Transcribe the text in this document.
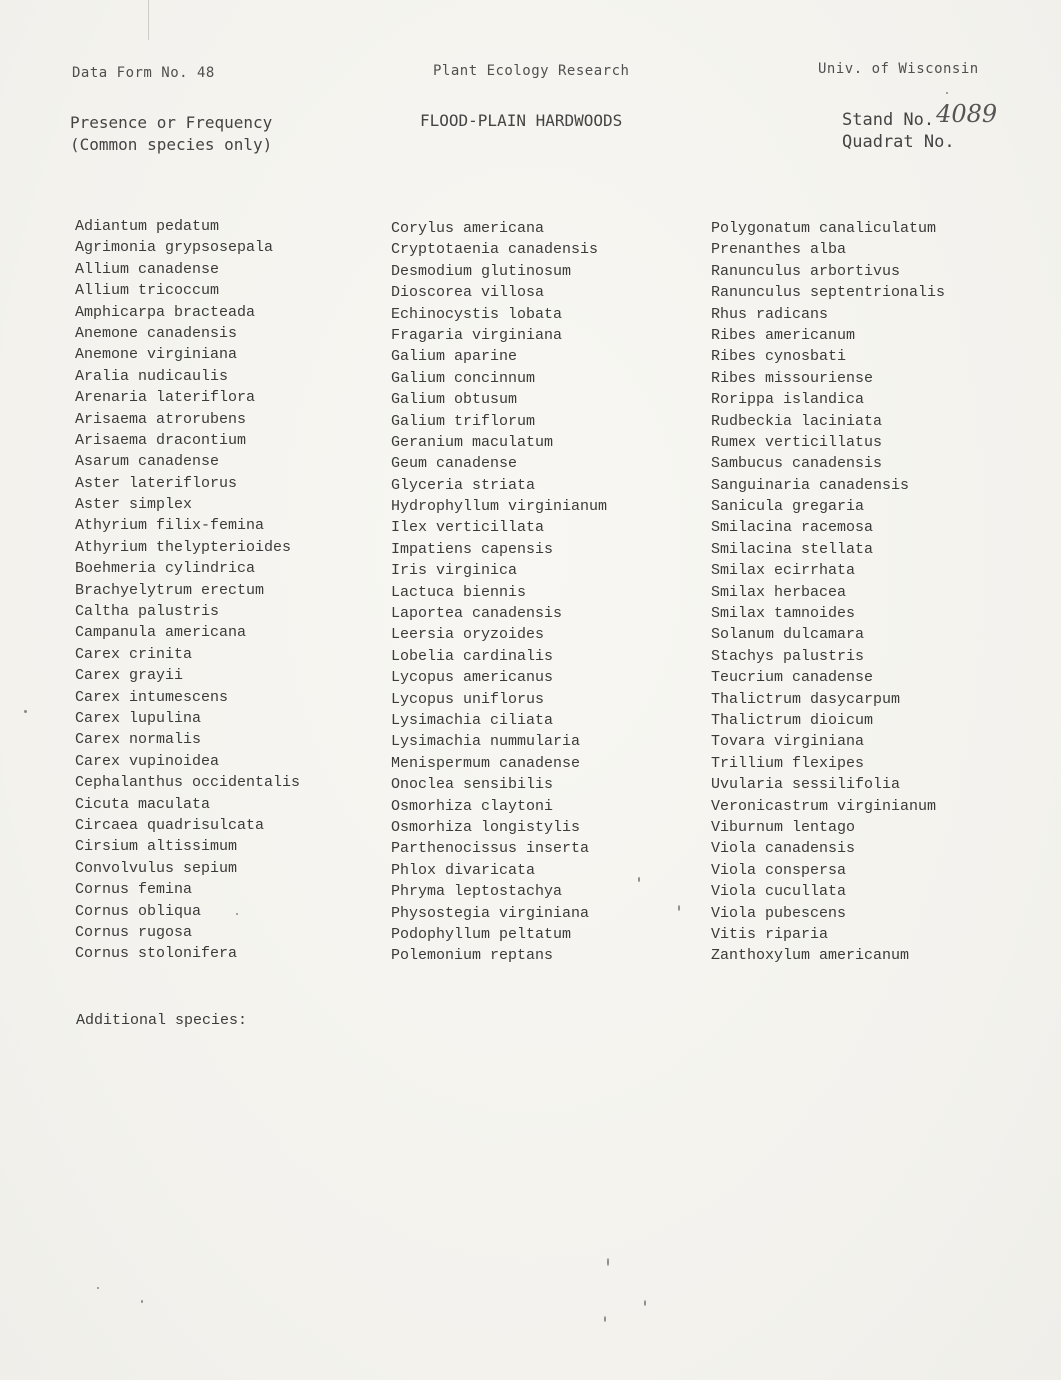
Data Form No. 48	Plant Ecology Research	Univ. of Wisconsin
Presence or Frequency
(Common species only)
FLOOD-PLAIN HARDWOODS	Stand No.4089
Quadrat No.
Adiantum pedatum
Agrimonia grypsosepala
Allium canadense
Allium tricoccum
Amphicarpa bracteada
Anemone canadensis
Anemone virginiana
Aralia nudicaulis
Arenaria lateriflora
Arisaema atrorubens
Arisaema dracontium
Asarum canadense
Aster lateriflorus
Aster simplex
Athyrium filix-femina
Athyrium thelypterioides
Boehmeria cylindrica
Brachyelytrum erectum
Caltha palustris
Campanula americana
Carex crinita
Carex grayii
Carex intumescens
Carex lupulina
Carex normalis
Carex vupinoidea
Cephalanthus occidentalis
Cicuta maculata
Circaea quadrisulcata
Cirsium altissimum
Convolvulus sepium
Cornus femina
Cornus obliqua
Cornus rugosa
Cornus stolonifera
Corylus americana
Cryptotaenia canadensis
Desmodium glutinosum
Dioscorea villosa
Echinocystis lobata
Fragaria virginiana
Galium aparine
Galium concinnum
Galium obtusum
Galium triflorum
Geranium maculatum
Geum canadense
Glyceria striata
Hydrophyllum virginianum
Ilex verticillata
Impatiens capensis
Iris virginica
Lactuca biennis
Laportea canadensis
Leersia oryzoides
Lobelia cardinalis
Lycopus americanus
Lycopus uniflorus
Lysimachia ciliata
Lysimachia nummularia
Menispermum canadense
Onoclea sensibilis
Osmorhiza claytoni
Osmorhiza longistylis
Parthenocissus inserta
Phlox divaricata
Phryma leptostachya
Physostegia virginiana
Podophyllum peltatum
Polemonium reptans
Polygonatum canaliculatum
Prenanthes alba
Ranunculus arbortivus
Ranunculus septentrionalis
Rhus radicans
Ribes americanum
Ribes cynosbati
Ribes missouriense
Rorippa islandica
Rudbeckia laciniata
Rumex verticillatus
Sambucus canadensis
Sanguinaria canadensis
Sanicula gregaria
Smilacina racemosa
Smilacina stellata
Smilax ecirrhata
Smilax herbacea
Smilax tamnoides
Solanum dulcamara
Stachys palustris
Teucrium canadense
Thalictrum dasycarpum
Thalictrum dioicum
Tovara virginiana
Trillium flexipes
Uvularia sessilifolia
Veronicastrum virginianum
Viburnum lentago
Viola canadensis
Viola conspersa
Viola cucullata
Viola pubescens
Vitis riparia
Zanthoxylum americanum
Additional species:
